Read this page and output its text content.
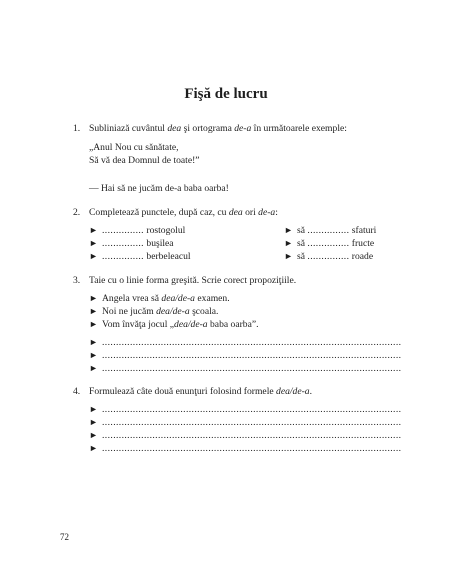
Fişă de lucru
1. Subliniază cuvântul dea şi ortograma de-a în următoarele exemple:
„Anul Nou cu sănătate,
Să vă dea Domnul de toate!”
— Hai să ne jucăm de-a baba oarba!
2. Completează punctele, după caz, cu dea ori de-a:
► ............... rostogolul
► ............... buşilea
► ............... berbeleacul
► să ............... sfaturi
► să ............... fructe
► să ............... roade
3. Taie cu o linie forma greşită. Scrie corect propoziţiile.
► Angela vrea să dea/de-a examen.
► Noi ne jucăm dea/de-a şcoala.
► Vom învăţa jocul „dea/de-a baba oarba”.
► ...........................................................................................................
► ...........................................................................................................
► ...........................................................................................................
4. Formulează câte două enunţuri folosind formele dea/de-a.
► ...........................................................................................................
► ...........................................................................................................
► ...........................................................................................................
► ...........................................................................................................
72
